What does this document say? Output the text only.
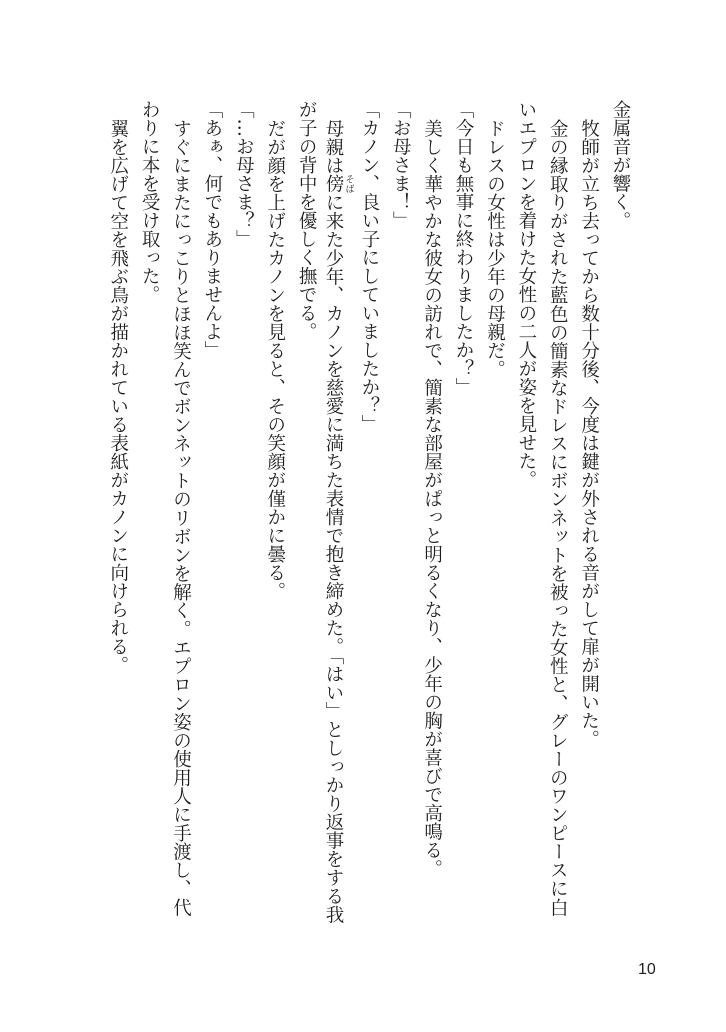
金属音が響く。
牧師が立ち去ってから数十分後、今度は鍵が外される音がして扉が開いた。
金の縁取りがされた藍色の簡素なドレスにボンネットを被った女性と、グレーのワンピースに白
いエプロンを着けた女性の二人が姿を見せた。
ドレスの女性は少年の母親だ。
「今日も無事に終わりましたか？」
美しく華やかな彼女の訪れで、簡素な部屋がぱっと明るくなり、少年の胸が喜びで高鳴る。
「お母さま！」
「カノン、良い子にしていましたか？」
母親は傍 そばに来た少年、カノンを慈愛に満ちた表情で抱き締めた。「はい」としっかり返事をする我
が子の背中を優しく撫でる。
だが顔を上げたカノンを見ると、その笑顔が僅かに曇る。
「…お母さま？」
「あぁ、何でもありませんよ」
すぐにまたにっこりとほほ笑んでボンネットのリボンを解く。エプロン姿の使用人に手渡し、代
わりに本を受け取った。
翼を広げて空を飛ぶ鳥が描かれている表紙がカノンに向けられる。
10
